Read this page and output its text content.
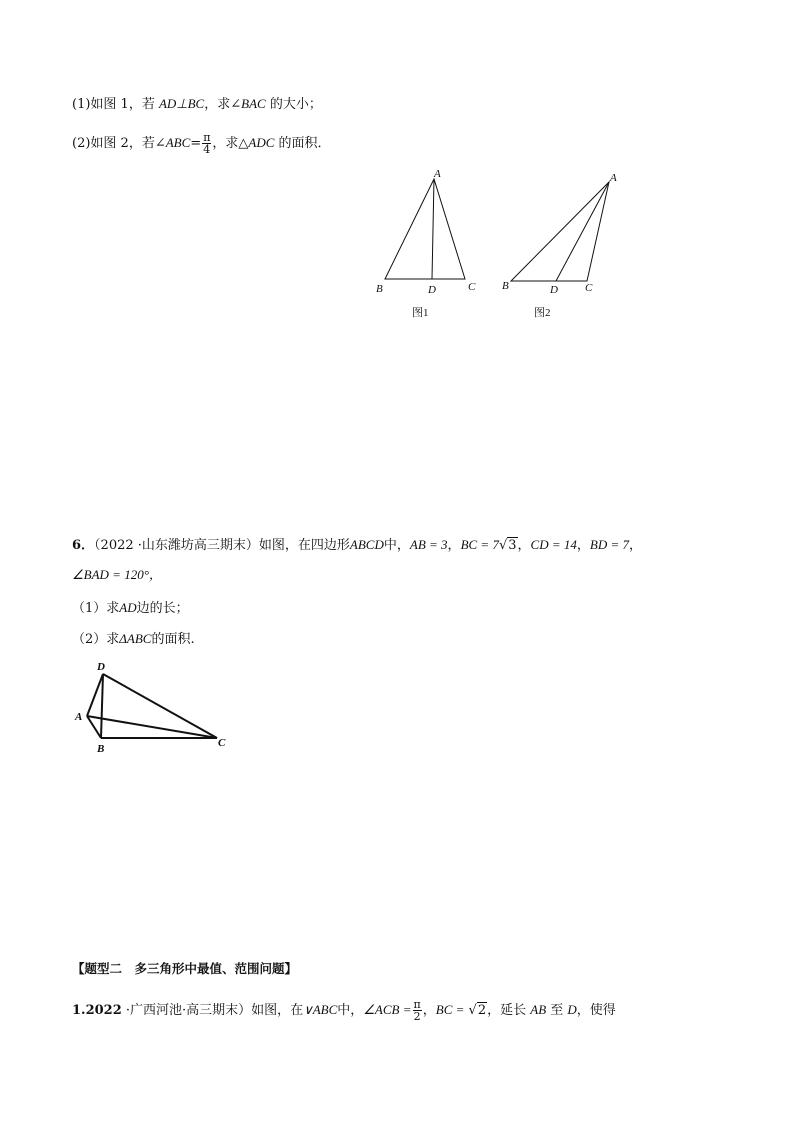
(1)如图 1，若 AD⊥BC，求∠BAC 的大小；
(2)如图 2，若∠ABC= $\frac{\pi}{4}$ ，求△ADC 的面积．
A
B	D	C
图1
A
B	D C
图2
6．（2022 ·山东潍坊高三期末）如图，在四边形ABCD中，AB = 3，BC = 7√3，CD = 14，BD = 7，
∠BAD = 120°，
（1）求AD边的长；
（2）求ΔABC的面积.
D
A
B	C
【题型二　多三角形中最值、范围问题】
1.2022 ·广西河池·高三期末）如图，在∨ABC中，∠ACB = $\frac{\pi}{2}$ ，BC = √2，延长 AB 至 D，使得
